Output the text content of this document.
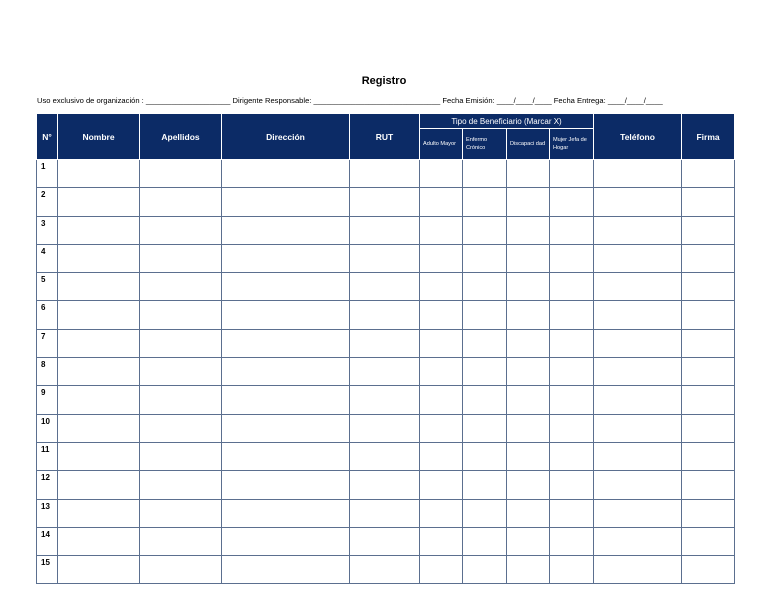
Registro
Uso exclusivo de organización : ____________________ Dirigente Responsable: ______________________________ Fecha Emisión: ____/____/____ Fecha Entrega: ____/____/____
N°	Nombre	Apellidos	Dirección	RUT	Tipo de Beneficiario (Marcar X)				Teléfono	Firma
					Adulto Mayor	Enfermo Crónico	Discapaci dad	Mujer Jefa de Hogar		
1										
2										
3										
4										
5										
6										
7										
8										
9										
10										
11										
12										
13										
14										
15										
